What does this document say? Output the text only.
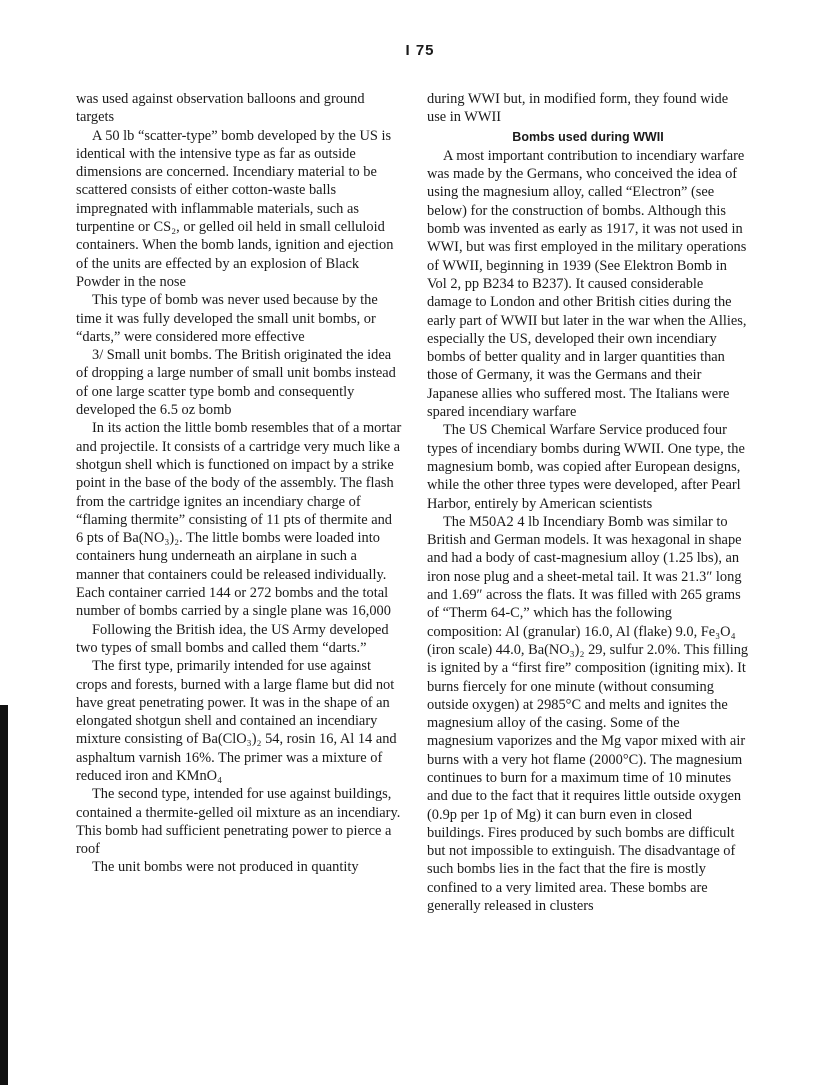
I 75

was used against observation balloons and ground targets

A 50 lb “scatter-type” bomb developed by the US is identical with the intensive type as far as outside dimensions are concerned. Incendiary material to be scattered consists of either cotton-waste balls impregnated with inflammable materials, such as turpentine or CS₂, or gelled oil held in small celluloid containers. When the bomb lands, ignition and ejection of the units are effected by an explosion of Black Powder in the nose

This type of bomb was never used because by the time it was fully developed the small unit bombs, or “darts,” were considered more effective

3/ Small unit bombs. The British originated the idea of dropping a large number of small unit bombs instead of one large scatter type bomb and consequently developed the 6.5 oz bomb

In its action the little bomb resembles that of a mortar and projectile. It consists of a cartridge very much like a shotgun shell which is functioned on impact by a strike point in the base of the body of the assembly. The flash from the cartridge ignites an incendiary charge of “flaming thermite” consisting of 11 pts of thermite and 6 pts of Ba(NO₃)₂. The little bombs were loaded into containers hung underneath an airplane in such a manner that containers could be released individually. Each container carried 144 or 272 bombs and the total number of bombs carried by a single plane was 16,000

Following the British idea, the US Army developed two types of small bombs and called them “darts.”

The first type, primarily intended for use against crops and forests, burned with a large flame but did not have great penetrating power. It was in the shape of an elongated shotgun shell and contained an incendiary mixture consisting of Ba(ClO₃)₂ 54, rosin 16, Al 14 and asphaltum varnish 16%. The primer was a mixture of reduced iron and KMnO₄

The second type, intended for use against buildings, contained a thermite-gelled oil mixture as an incendiary. This bomb had sufficient penetrating power to pierce a roof

The unit bombs were not produced in quantity

during WWI but, in modified form, they found wide use in WWII

Bombs used during WWII

A most important contribution to incendiary warfare was made by the Germans, who conceived the idea of using the magnesium alloy, called “Electron” (see below) for the construction of bombs. Although this bomb was invented as early as 1917, it was not used in WWI, but was first employed in the military operations of WWII, beginning in 1939 (See Elektron Bomb in Vol 2, pp B234 to B237). It caused considerable damage to London and other British cities during the early part of WWII but later in the war when the Allies, especially the US, developed their own incendiary bombs of better quality and in larger quantities than those of Germany, it was the Germans and their Japanese allies who suffered most. The Italians were spared incendiary warfare

The US Chemical Warfare Service produced four types of incendiary bombs during WWII. One type, the magnesium bomb, was copied after European designs, while the other three types were developed, after Pearl Harbor, entirely by American scientists

The M50A2 4 lb Incendiary Bomb was similar to British and German models. It was hexagonal in shape and had a body of cast-magnesium alloy (1.25 lbs), an iron nose plug and a sheet-metal tail. It was 21.3″ long and 1.69″ across the flats. It was filled with 265 grams of “Therm 64-C,” which has the following composition: Al (granular) 16.0, Al (flake) 9.0, Fe₃O₄ (iron scale) 44.0, Ba(NO₃)₂ 29, sulfur 2.0%. This filling is ignited by a “first fire” composition (igniting mix). It burns fiercely for one minute (without consuming outside oxygen) at 2985°C and melts and ignites the magnesium alloy of the casing. Some of the magnesium vaporizes and the Mg vapor mixed with air burns with a very hot flame (2000°C). The magnesium continues to burn for a maximum time of 10 minutes and due to the fact that it requires little outside oxygen (0.9p per 1p of Mg) it can burn even in closed buildings. Fires produced by such bombs are difficult but not impossible to extinguish. The disadvantage of such bombs lies in the fact that the fire is mostly confined to a very limited area. These bombs are generally released in clusters
